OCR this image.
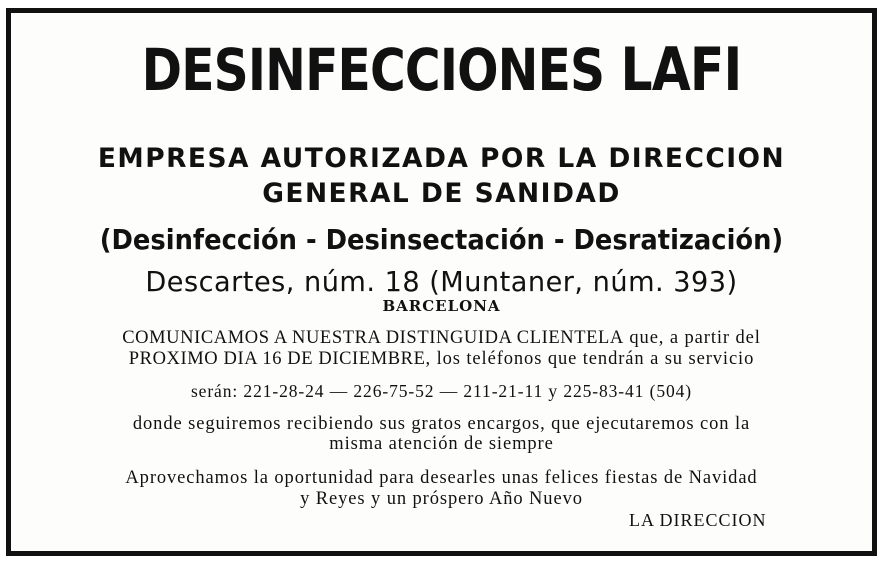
DESINFECCIONES LAFI
EMPRESA AUTORIZADA POR LA DIRECCION
GENERAL DE SANIDAD
(Desinfección - Desinsectación - Desratización)
Descartes, núm. 18 (Muntaner, núm. 393)
BARCELONA
COMUNICAMOS A NUESTRA DISTINGUIDA CLIENTELA que, a partir del
PROXIMO DIA 16 DE DICIEMBRE, los teléfonos que tendrán a su servicio
serán: 221-28-24 — 226-75-52 — 211-21-11 y 225-83-41 (504)
donde seguiremos recibiendo sus gratos encargos, que ejecutaremos con la
misma atención de siempre
Aprovechamos la oportunidad para desearles unas felices fiestas de Navidad
y Reyes y un próspero Año Nuevo
LA DIRECCION
